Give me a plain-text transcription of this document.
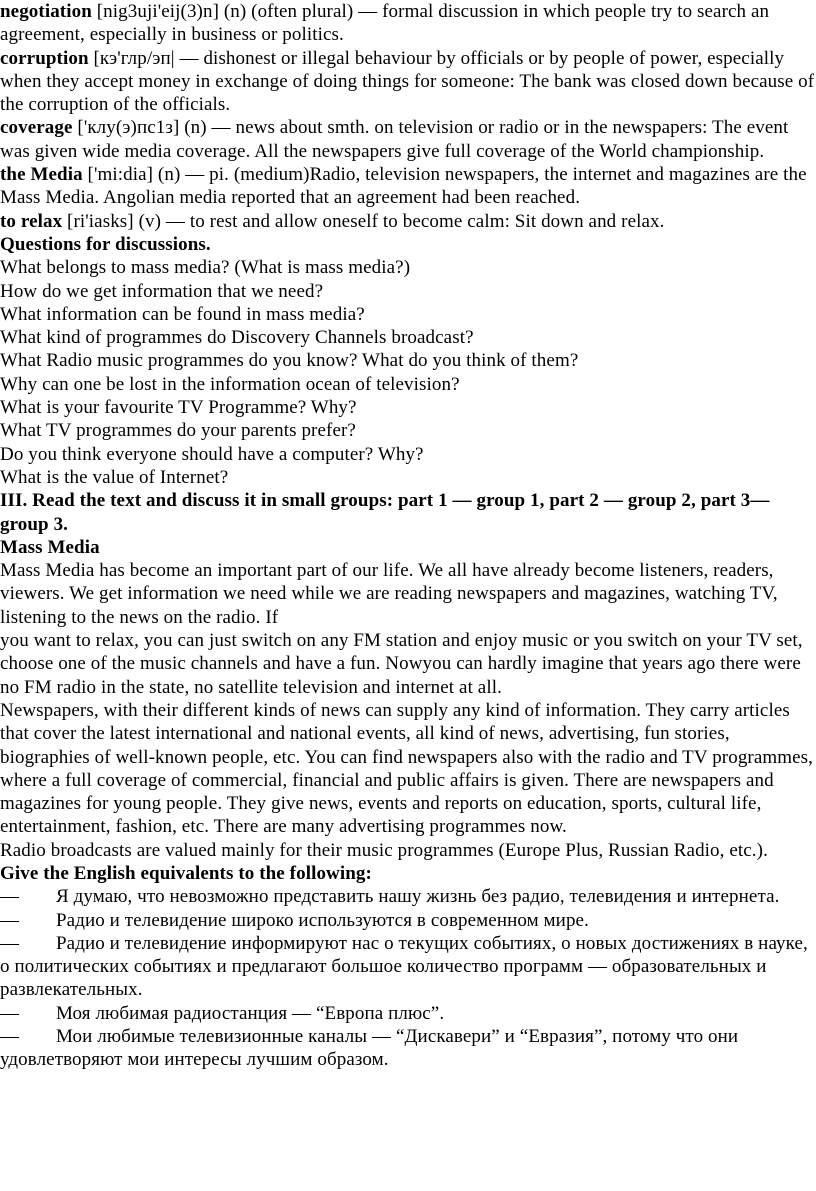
negotiation [nig3uji'eij(3)n] (n) (often plural) — formal discussion in which people try to search an agreement, especially in business or politics.
corruption [кэ'глр/эп| — dishonest or illegal behaviour by officials or by people of power, especially when they accept money in exchange of doing things for someone: The bank was closed down because of the corruption of the officials.
coverage ['клу(э)пс1з] (n) — news about smth. on television or radio or in the newspapers: The event was given wide media coverage. All the newspapers give full coverage of the World championship.
the Media ['mi:dia] (n) — pi. (medium)Radio, television newspapers, the internet and magazines are the Mass Media. Angolian media reported that an agreement had been reached.
to relax [ri'iasks] (v) — to rest and allow oneself to become calm: Sit down and relax.
Questions for discussions.
What belongs to mass media? (What is mass media?)
How do we get information that we need?
What information can be found in mass media?
What kind of programmes do Discovery Channels broadcast?
What Radio music programmes do you know? What do you think of them?
Why can one be lost in the information ocean of television?
What is your favourite TV Programme? Why?
What TV programmes do your parents prefer?
Do you think everyone should have a computer? Why?
What is the value of Internet?
III. Read the text and discuss it in small groups: part 1 — group 1, part 2 — group 2, part 3— group 3.
Mass Media
Mass Media has become an important part of our life. We all have already become listeners, readers, viewers. We get information we need while we are reading newspapers and magazines, watching TV, listening to the news on the radio. If
you want to relax, you can just switch on any FM station and enjoy music or you switch on your TV set, choose one of the music channels and have a fun. Nowyou can hardly imagine that years ago there were no FM radio in the state, no satellite television and internet at all.
Newspapers, with their different kinds of news can supply any kind of information. They carry articles that cover the latest international and national events, all kind of news, advertising, fun stories, biographies of well-known people, etc. You can find newspapers also with the radio and TV programmes, where a full coverage of commercial, financial and public affairs is given. There are newspapers and magazines for young people. They give news, events and reports on education, sports, cultural life, entertainment, fashion, etc. There are many advertising programmes now.
Radio broadcasts are valued mainly for their music programmes (Europe Plus, Russian Radio, etc.).
Give the English equivalents to the following:
— Я думаю, что невозможно представить нашу жизнь без радио, телевидения и интернета.
— Радио и телевидение широко используются в современном мире.
— Радио и телевидение информируют нас о текущих событиях, о новых достижениях в науке, о политических событиях и предлагают большое количество программ — образовательных и развлекательных.
— Моя любимая радиостанция — “Европа плюс”.
— Мои любимые телевизионные каналы — “Дискавери” и “Евразия”, потому что они удовлетворяют мои интересы лучшим образом.
